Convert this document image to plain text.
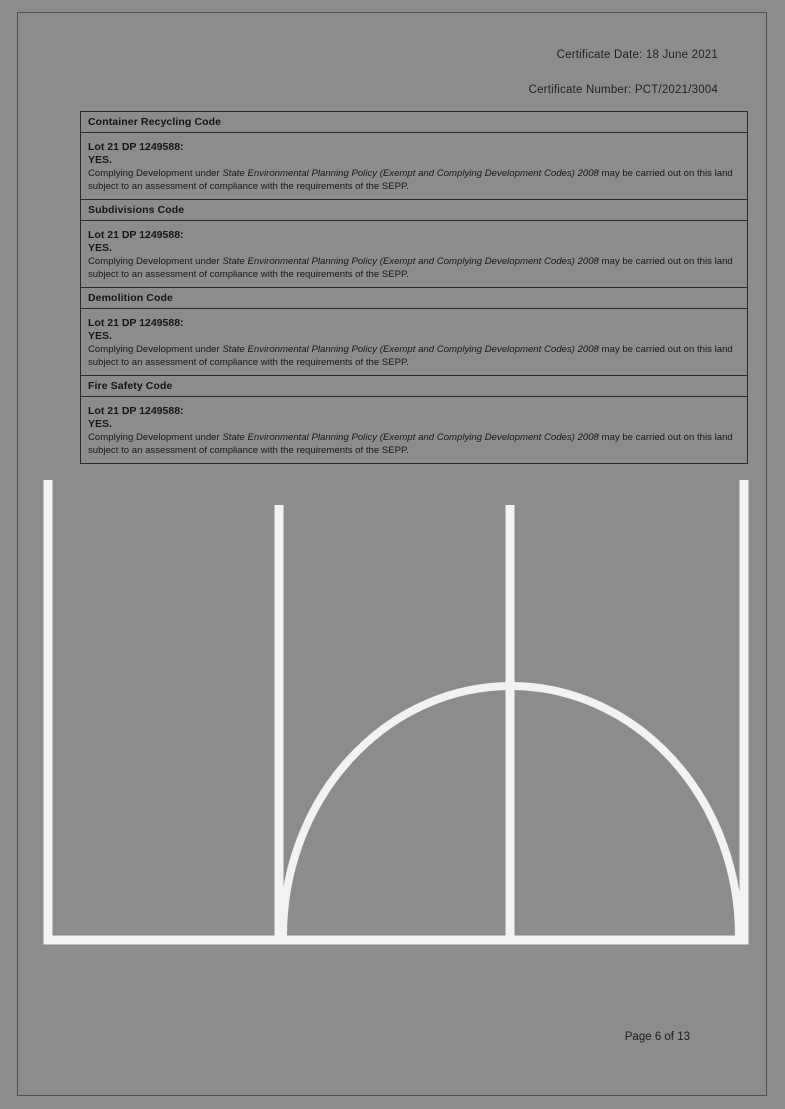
Certificate Date: 18 June 2021
Certificate Number: PCT/2021/3004
Container Recycling Code
Lot 21 DP 1249588:
YES.

Complying Development under State Environmental Planning Policy (Exempt and Complying Development Codes) 2008 may be carried out on this land subject to an assessment of compliance with the requirements of the SEPP.

Subdivisions Code
Lot 21 DP 1249588:
YES.

Complying Development under State Environmental Planning Policy (Exempt and Complying Development Codes) 2008 may be carried out on this land subject to an assessment of compliance with the requirements of the SEPP.

Demolition Code
Lot 21 DP 1249588:
YES.

Complying Development under State Environmental Planning Policy (Exempt and Complying Development Codes) 2008 may be carried out on this land subject to an assessment of compliance with the requirements of the SEPP.

Fire Safety Code
Lot 21 DP 1249588:
YES.

Complying Development under State Environmental Planning Policy (Exempt and Complying Development Codes) 2008 may be carried out on this land subject to an assessment of compliance with the requirements of the SEPP.

Page 6 of 13
